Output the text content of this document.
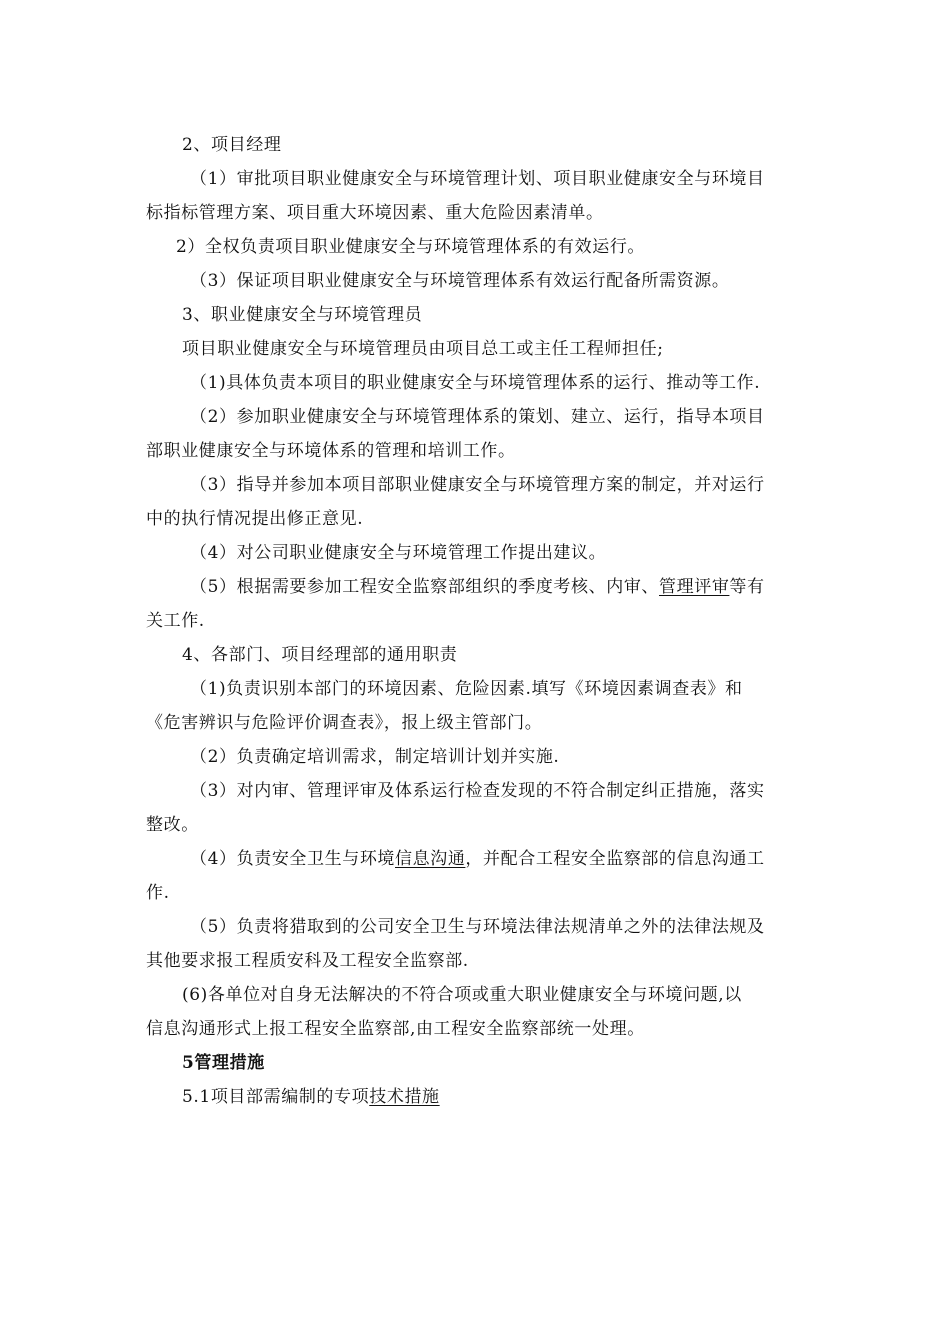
2、项目经理
（1）审批项目职业健康安全与环境管理计划、项目职业健康安全与环境目
标指标管理方案、项目重大环境因素、重大危险因素清单。
2）全权负责项目职业健康安全与环境管理体系的有效运行。
（3）保证项目职业健康安全与环境管理体系有效运行配备所需资源。
3、职业健康安全与环境管理员
项目职业健康安全与环境管理员由项目总工或主任工程师担任;
（1)具体负责本项目的职业健康安全与环境管理体系的运行、推动等工作.
（2）参加职业健康安全与环境管理体系的策划、建立、运行，指导本项目
部职业健康安全与环境体系的管理和培训工作。
（3）指导并参加本项目部职业健康安全与环境管理方案的制定，并对运行
中的执行情况提出修正意见.
（4）对公司职业健康安全与环境管理工作提出建议。
（5）根据需要参加工程安全监察部组织的季度考核、内审、管理评审等有
关工作.
4、各部门、项目经理部的通用职责
（1)负责识别本部门的环境因素、危险因素.填写《环境因素调查表》和
《危害辨识与危险评价调查表》，报上级主管部门。
（2）负责确定培训需求，制定培训计划并实施.
（3）对内审、管理评审及体系运行检查发现的不符合制定纠正措施，落实
整改。
（4）负责安全卫生与环境信息沟通，并配合工程安全监察部的信息沟通工
作.
（5）负责将猎取到的公司安全卫生与环境法律法规清单之外的法律法规及
其他要求报工程质安科及工程安全监察部.
(6)各单位对自身无法解决的不符合项或重大职业健康安全与环境问题,以
信息沟通形式上报工程安全监察部,由工程安全监察部统一处理。
5管理措施
5.1项目部需编制的专项技术措施
